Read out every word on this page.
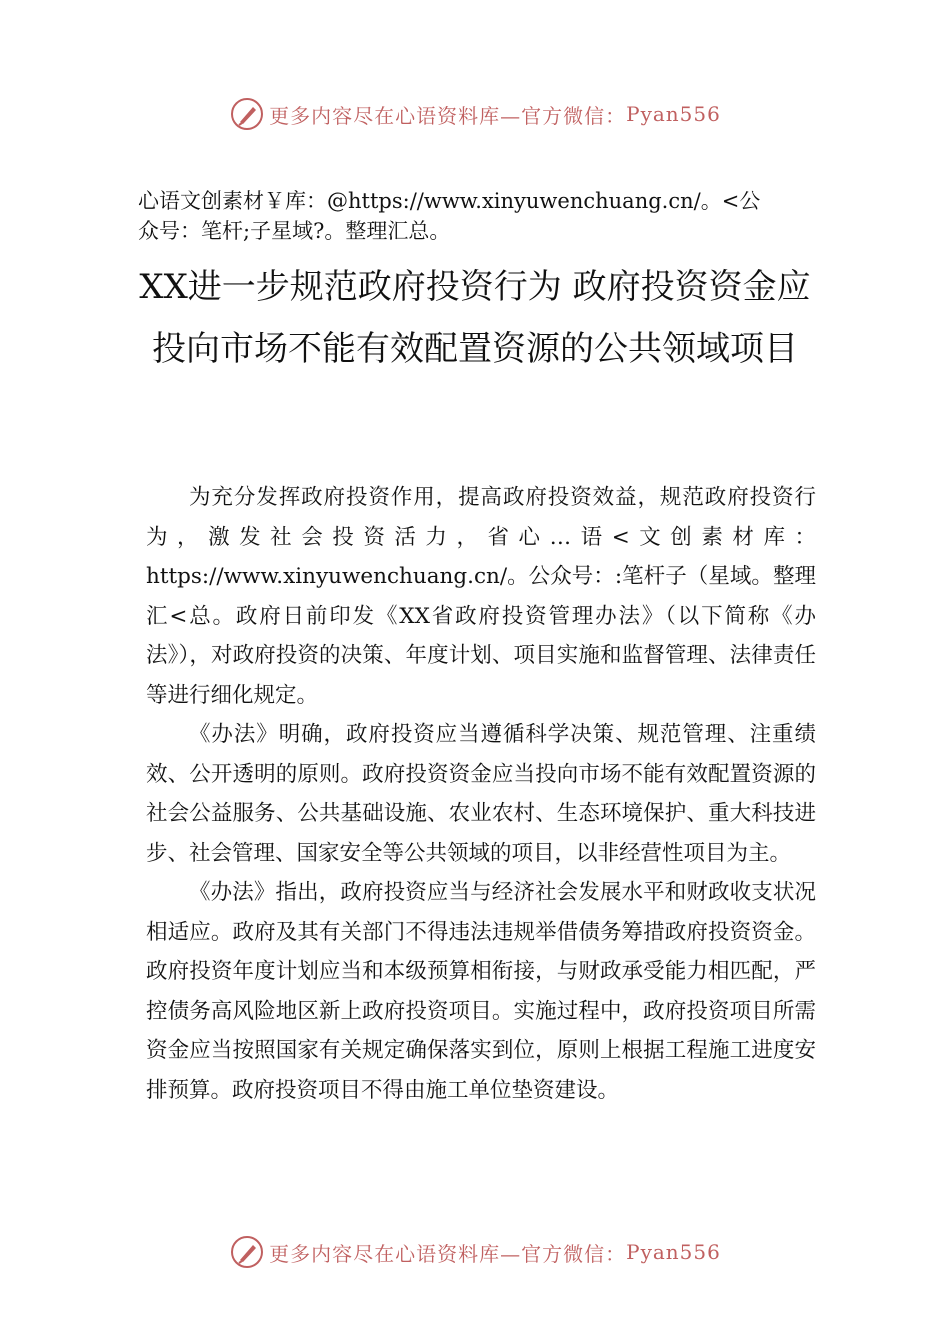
更多内容尽在心语资料库—官方微信： Pyan556
心语文创素材￥库：@https://www.xinyuwenchuang.cn/。<公
众号：笔杆;子星域?。整理汇总。
XX进一步规范政府投资行为 政府投资资金应投向市场不能有效配置资源的公共领域项目

为充分发挥政府投资作用，提高政府投资效益，规范政府投资行为，激发社会投资活力，省心…语<文创素材库：https://www.xinyuwenchuang.cn/。公众号：:笔杆子（星域。整理汇<总。政府日前印发《XX省政府投资管理办法》（以下简称《办法》），对政府投资的决策、年度计划、项目实施和监督管理、法律责任等进行细化规定。

《办法》明确，政府投资应当遵循科学决策、规范管理、注重绩效、公开透明的原则。政府投资资金应当投向市场不能有效配置资源的社会公益服务、公共基础设施、农业农村、生态环境保护、重大科技进步、社会管理、国家安全等公共领域的项目，以非经营性项目为主。

《办法》指出，政府投资应当与经济社会发展水平和财政收支状况相适应。政府及其有关部门不得违法违规举借债务筹措政府投资资金。政府投资年度计划应当和本级预算相衔接，与财政承受能力相匹配，严控债务高风险地区新上政府投资项目。实施过程中，政府投资项目所需资金应当按照国家有关规定确保落实到位，原则上根据工程施工进度安排预算。政府投资项目不得由施工单位垫资建设。

更多内容尽在心语资料库—官方微信： Pyan556
